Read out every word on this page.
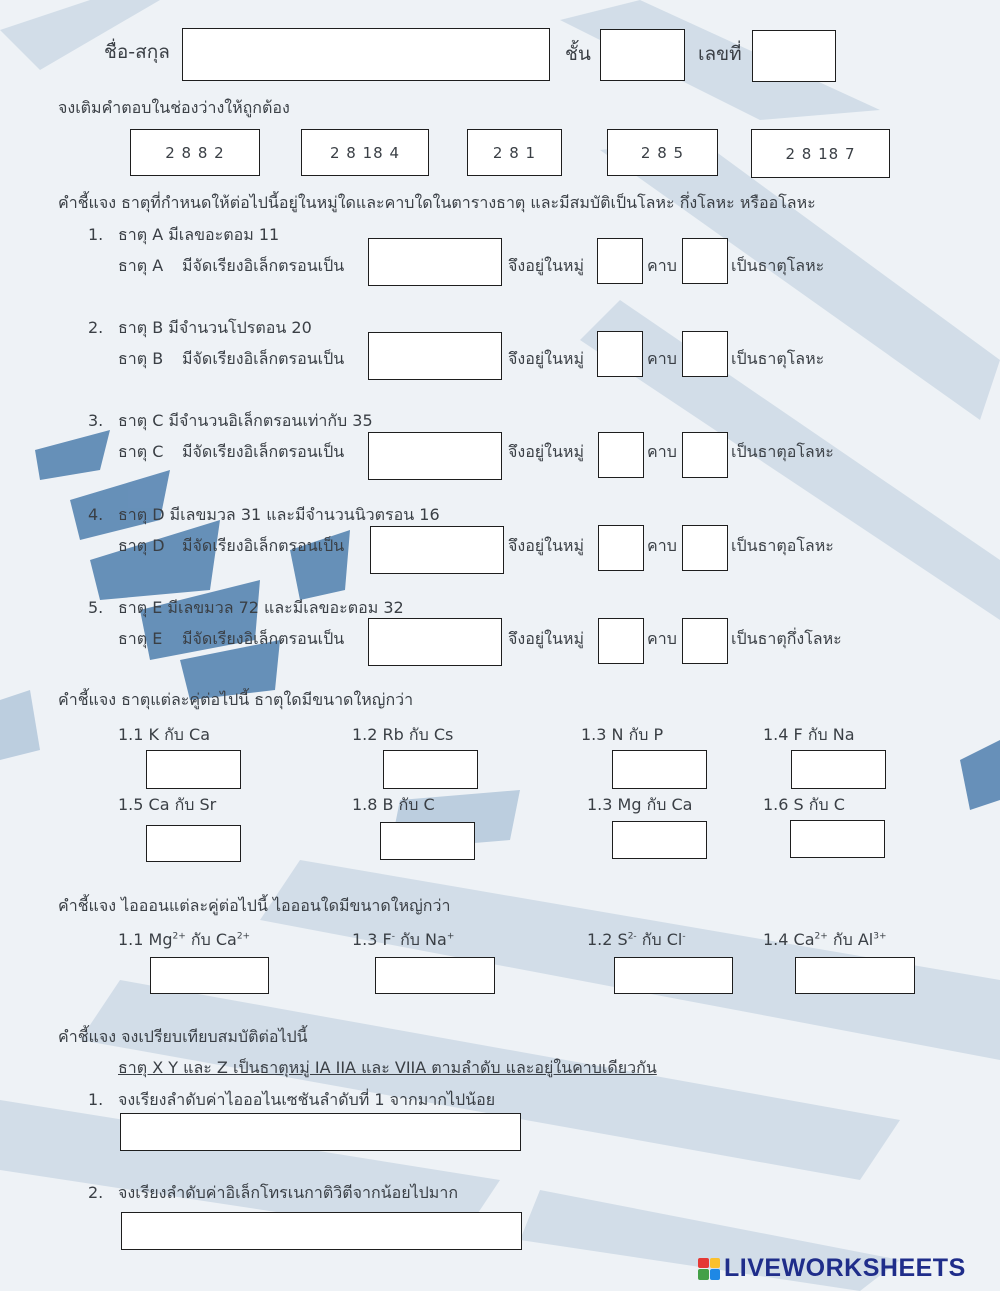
ชื่อ-สกุล	ชั้น	เลขที่
จงเติมคำตอบในช่องว่างให้ถูกต้อง
2 8 8 2	2 8 18 4	2 8 1	2 8 5	2 8 18 7
คำชี้แจง ธาตุที่กำหนดให้ต่อไปนี้อยู่ในหมู่ใดและคาบใดในตารางธาตุ และมีสมบัติเป็นโลหะ กึ่งโลหะ หรืออโลหะ
1. ธาตุ A มีเลขอะตอม 11
ธาตุ A มีจัดเรียงอิเล็กตรอนเป็น	จึงอยู่ในหมู่	คาบ	เป็นธาตุโลหะ
2. ธาตุ B มีจำนวนโปรตอน 20
ธาตุ B มีจัดเรียงอิเล็กตรอนเป็น	จึงอยู่ในหมู่	คาบ	เป็นธาตุโลหะ
3. ธาตุ C มีจำนวนอิเล็กตรอนเท่ากับ 35
ธาตุ C มีจัดเรียงอิเล็กตรอนเป็น	จึงอยู่ในหมู่	คาบ	เป็นธาตุอโลหะ
4. ธาตุ D มีเลขมวล 31 และมีจำนวนนิวตรอน 16
ธาตุ D มีจัดเรียงอิเล็กตรอนเป็น	จึงอยู่ในหมู่	คาบ	เป็นธาตุอโลหะ
5. ธาตุ E มีเลขมวล 72 และมีเลขอะตอม 32
ธาตุ E มีจัดเรียงอิเล็กตรอนเป็น	จึงอยู่ในหมู่	คาบ	เป็นธาตุกึ่งโลหะ
คำชี้แจง ธาตุแต่ละคู่ต่อไปนี้ ธาตุใดมีขนาดใหญ่กว่า
1.1 K กับ Ca	1.2 Rb กับ Cs	1.3 N กับ P	1.4 F กับ Na
1.5 Ca กับ Sr	1.8 B กับ C	1.3 Mg กับ Ca	1.6 S กับ C
คำชี้แจง ไอออนแต่ละคู่ต่อไปนี้ ไอออนใดมีขนาดใหญ่กว่า
1.1 $Mg^{2+}$ กับ $Ca^{2+}$	1.3 F- กับ Na+	1.2 $S^{2-}$ กับ Cl-	1.4 $Ca^{2+}$ กับ $Al^{3+}$
คำชี้แจง จงเปรียบเทียบสมบัติต่อไปนี้
ธาตุ X Y และ Z เป็นธาตุหมู่ IA IIA และ VIIA ตามลำดับ และอยู่ในคาบเดียวกัน
1. จงเรียงลำดับค่าไอออไนเซชันลำดับที่ 1 จากมากไปน้อย
2. จงเรียงลำดับค่าอิเล็กโทรเนกาติวิตีจากน้อยไปมาก
LIVEWORKSHEETS
